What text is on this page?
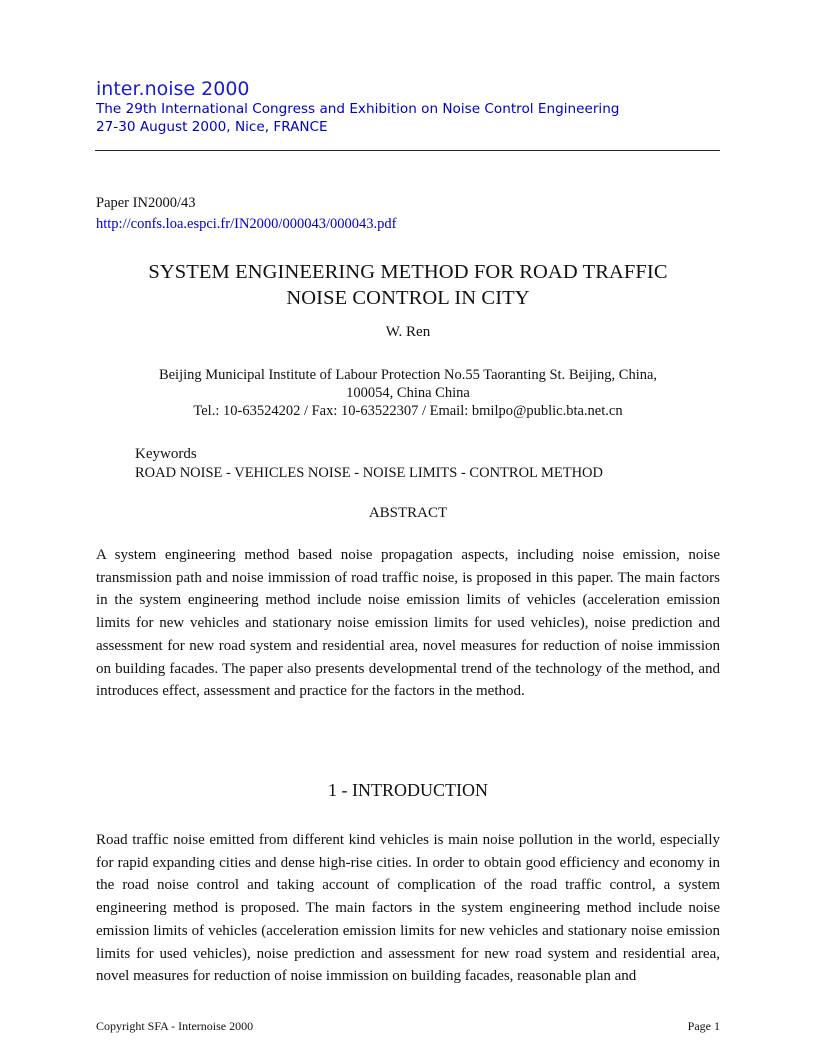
inter.noise 2000
The 29th International Congress and Exhibition on Noise Control Engineering
27-30 August 2000, Nice, FRANCE
Paper IN2000/43
http://confs.loa.espci.fr/IN2000/000043/000043.pdf
SYSTEM ENGINEERING METHOD FOR ROAD TRAFFIC
NOISE CONTROL IN CITY
W. Ren
Beijing Municipal Institute of Labour Protection No.55 Taoranting St. Beijing, China,
100054, China China
Tel.: 10-63524202 / Fax: 10-63522307 / Email: bmilpo@public.bta.net.cn
Keywords
ROAD NOISE - VEHICLES NOISE - NOISE LIMITS - CONTROL METHOD
ABSTRACT

A system engineering method based noise propagation aspects, including noise emission, noise transmission path and noise immission of road traffic noise, is proposed in this paper. The main factors in the system engineering method include noise emission limits of vehicles (acceleration emission limits for new vehicles and stationary noise emission limits for used vehicles), noise prediction and assessment for new road system and residential area, novel measures for reduction of noise immission on building facades. The paper also presents developmental trend of the technology of the method, and introduces effect, assessment and practice for the factors in the method.

1 - INTRODUCTION

Road traffic noise emitted from different kind vehicles is main noise pollution in the world, especially for rapid expanding cities and dense high-rise cities. In order to obtain good efficiency and economy in the road noise control and taking account of complication of the road traffic control, a system engineering method is proposed. The main factors in the system engineering method include noise emission limits of vehicles (acceleration emission limits for new vehicles and stationary noise emission limits for used vehicles), noise prediction and assessment for new road system and residential area, novel measures for reduction of noise immission on building facades, reasonable plan and

Copyright SFA - Internoise 2000	Page 1
